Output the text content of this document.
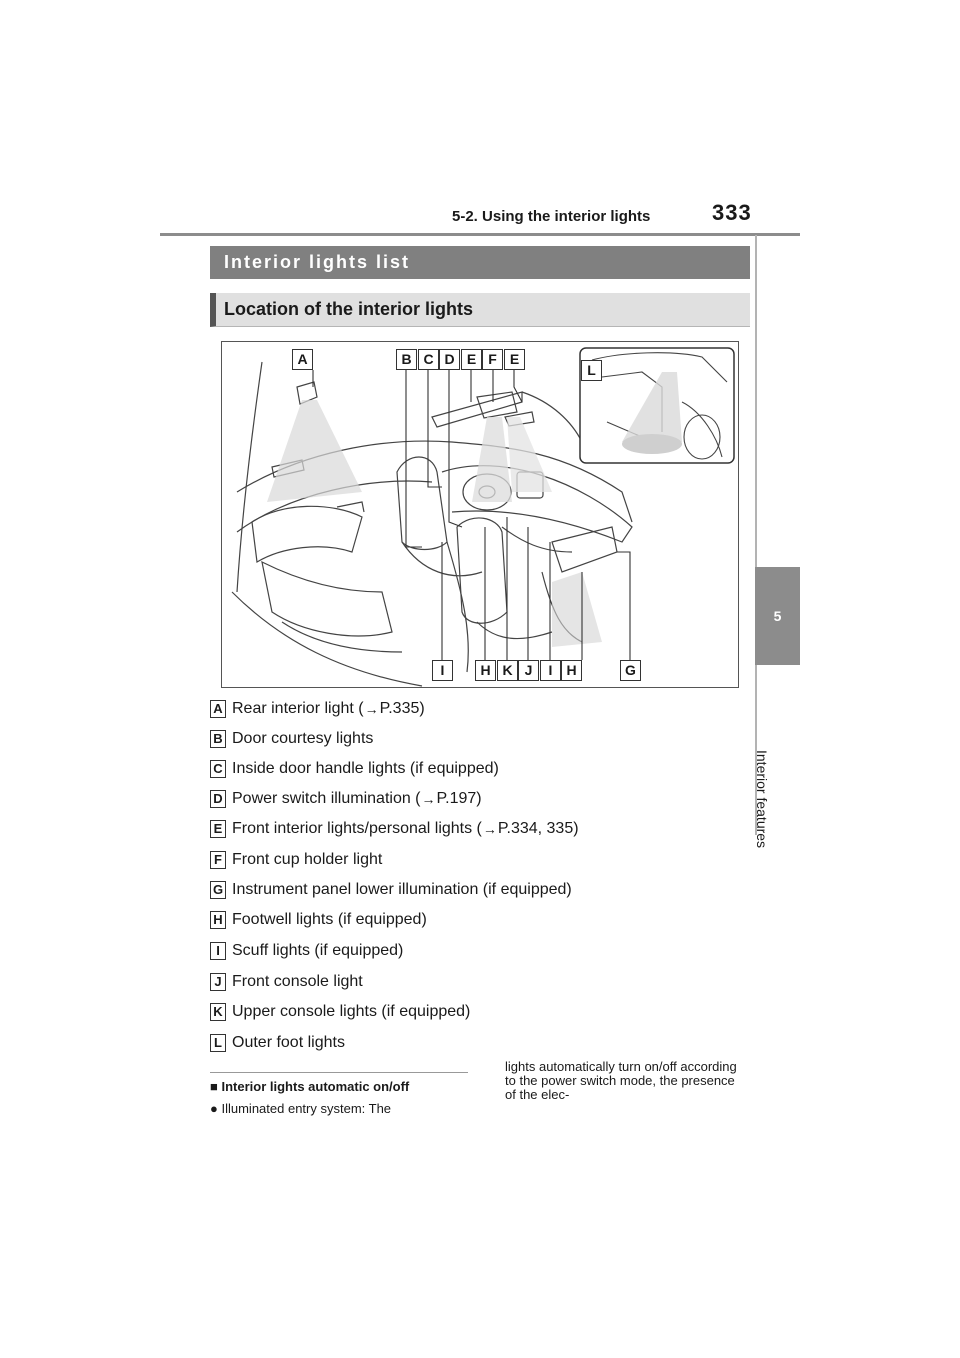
5-2. Using the interior lights	333
5
Interior features
Interior lights list
Location of the interior lights
A	B C D E F E
L
I	H K J	I	H	G
A Rear interior light ( → P.335)
B Door courtesy lights
C Inside door handle lights (if equipped)
D Power switch illumination ( → P.197)
E Front interior lights/personal lights ( → P.334, 335)
F Front cup holder light
G Instrument panel lower illumination (if equipped)
H Footwell lights (if equipped)
I Scuff lights (if equipped)
J Front console light
K Upper console lights (if equipped)
L Outer foot lights
■ Interior lights automatic on/off
● Illuminated entry system: The
lights automatically turn on/off according to the power switch mode, the presence of the elec-
